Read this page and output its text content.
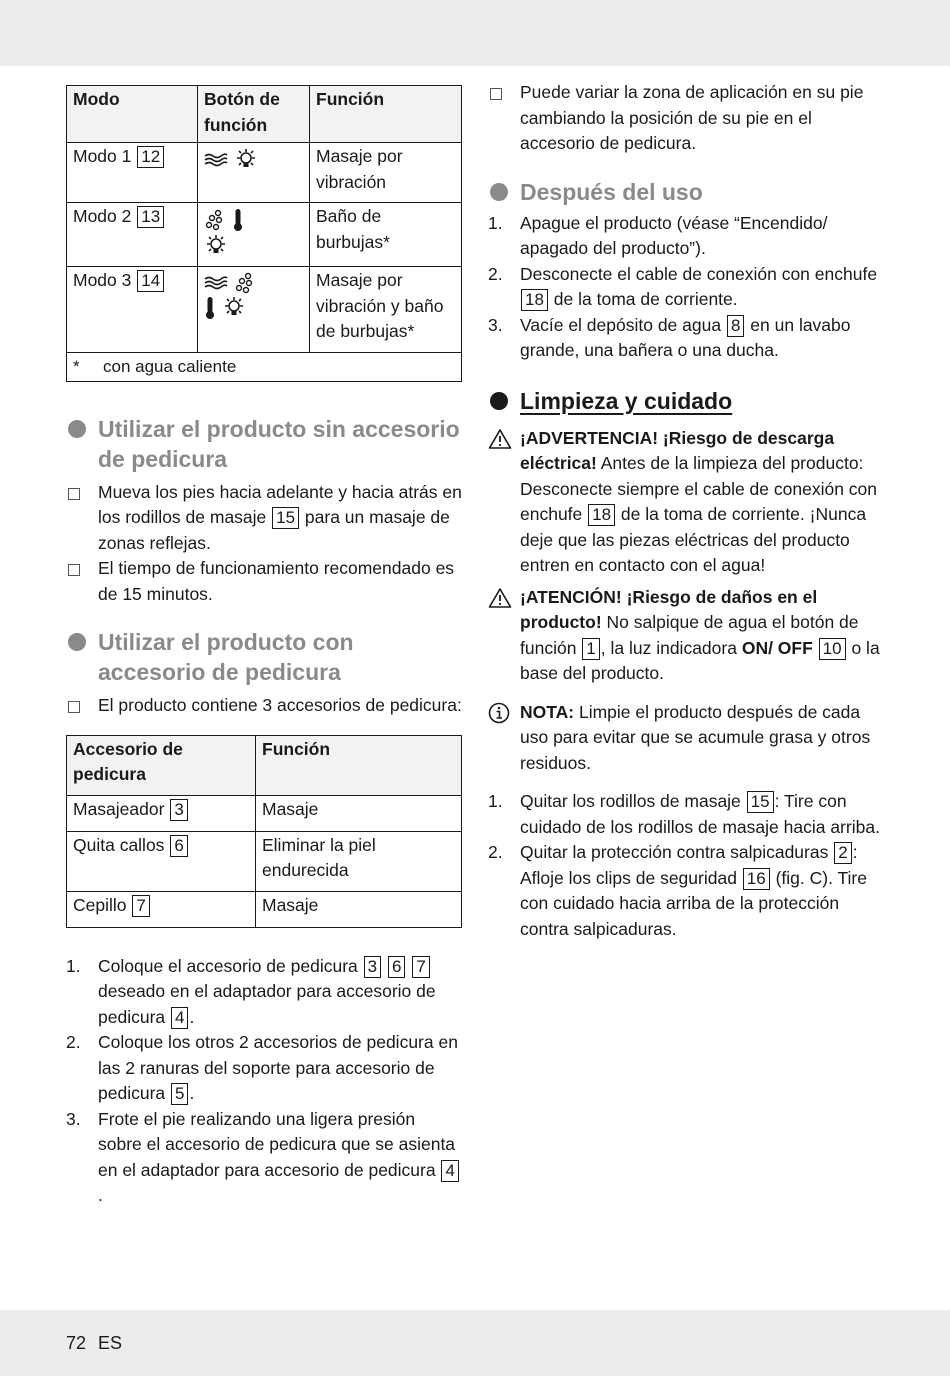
Modo	Botón de función	Función
Modo 1 12		Masaje por vibración
Modo 2 13		Baño de burbujas*
Modo 3 14		Masaje por vibración y baño de burbujas*
* con agua caliente		
Utilizar el producto sin accesorio de pedicura
Mueva los pies hacia adelante y hacia atrás en los rodillos de masaje 15 para un masaje de zonas reflejas.
El tiempo de funcionamiento recomendado es de 15 minutos.
Utilizar el producto con accesorio de pedicura
El producto contiene 3 accesorios de pedicura:
Accesorio de pedicura	Función
Masajeador 3	Masaje
Quita callos 6	Eliminar la piel endurecida
Cepillo 7	Masaje
1. Coloque el accesorio de pedicura 3 6 7 deseado en el adaptador para accesorio de pedicura 4 .
2. Coloque los otros 2 accesorios de pedicura en las 2 ranuras del soporte para accesorio de pedicura 5 .
3. Frote el pie realizando una ligera presión sobre el accesorio de pedicura que se asienta en el adaptador para accesorio de pedicura 4.
Puede variar la zona de aplicación en su pie cambiando la posición de su pie en el accesorio de pedicura.
Después del uso
1. Apague el producto (véase “Encendido/ apagado del producto”).
2. Desconecte el cable de conexión con enchufe 18 de la toma de corriente.
3. Vacíe el depósito de agua 8 en un lavabo grande, una bañera o una ducha.
Limpieza y cuidado
¡ADVERTENCIA! ¡Riesgo de descarga eléctrica! Antes de la limpieza del producto: Desconecte siempre el cable de conexión con enchufe 18 de la toma de corriente. ¡Nunca deje que las piezas eléctricas del producto entren en contacto con el agua!
¡ATENCIÓN! ¡Riesgo de daños en el producto! No salpique de agua el botón de función 1 , la luz indicadora ON/ OFF 10 o la base del producto.
NOTA: Limpie el producto después de cada uso para evitar que se acumule grasa y otros residuos.
1. Quitar los rodillos de masaje 15 : Tire con cuidado de los rodillos de masaje hacia arriba.
2. Quitar la protección contra salpicaduras 2 : Afloje los clips de seguridad 16 (fig. C). Tire con cuidado hacia arriba de la protección contra salpicaduras.
72 ES
